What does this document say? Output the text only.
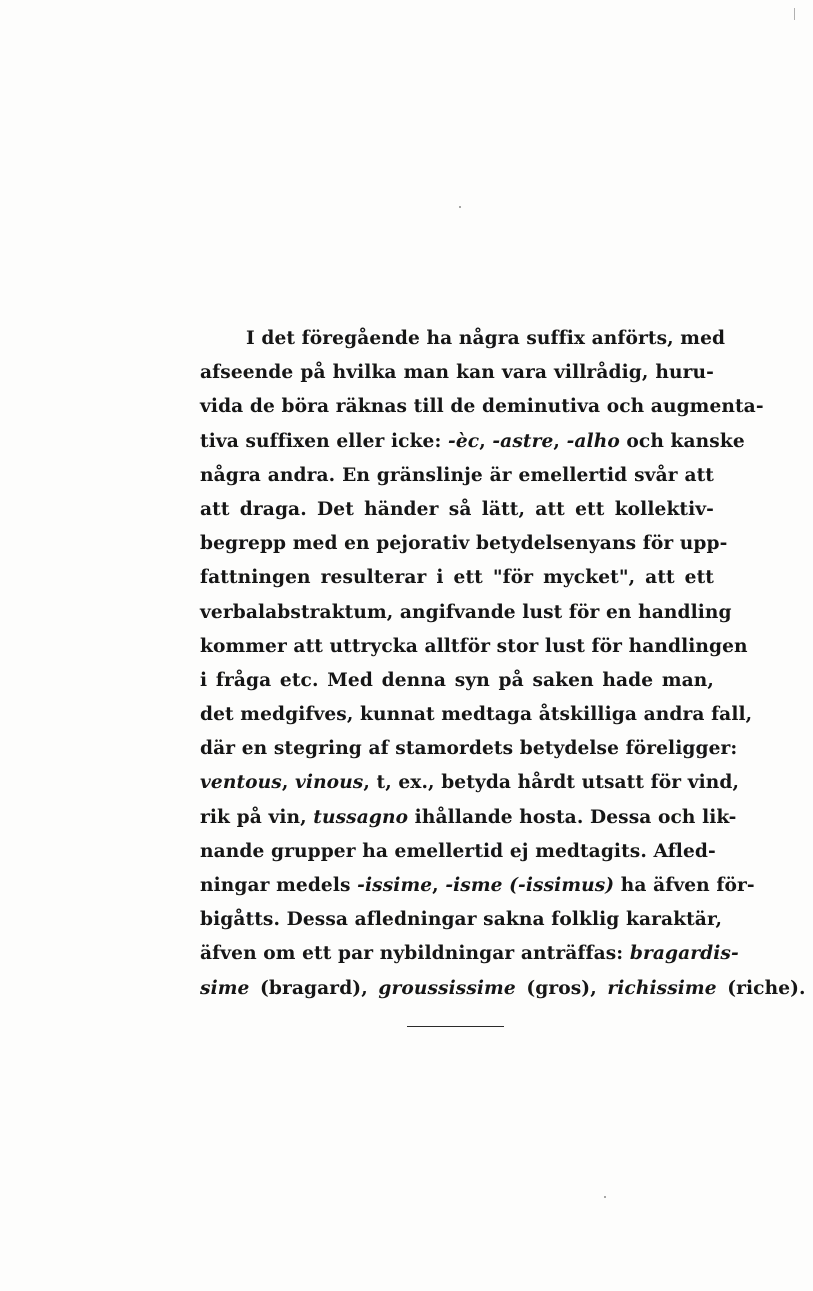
I det föregående ha några suffix anförts, med
afseende på hvilka man kan vara villrådig, huru-
vida de böra räknas till de deminutiva och augmenta-
tiva suffixen eller icke: -èc, -astre, -alho och kanske
några andra. En gränslinje är emellertid svår att
att draga. Det händer så lätt, att ett kollektiv-
begrepp med en pejorativ betydelsenyans för upp-
fattningen resulterar i ett "för mycket", att ett
verbalabstraktum, angifvande lust för en handling
kommer att uttrycka alltför stor lust för handlingen
i fråga etc. Med denna syn på saken hade man,
det medgifves, kunnat medtaga åtskilliga andra fall,
där en stegring af stamordets betydelse föreligger:
ventous, vinous, t, ex., betyda hårdt utsatt för vind,
rik på vin, tussagno ihållande hosta. Dessa och lik-
nande grupper ha emellertid ej medtagits. Afled-
ningar medels -issime, -isme (-issimus) ha äfven för-
bigåtts. Dessa afledningar sakna folklig karaktär,
äfven om ett par nybildningar anträffas: bragardis-
sime (bragard), groussissime (gros), richissime (riche).
